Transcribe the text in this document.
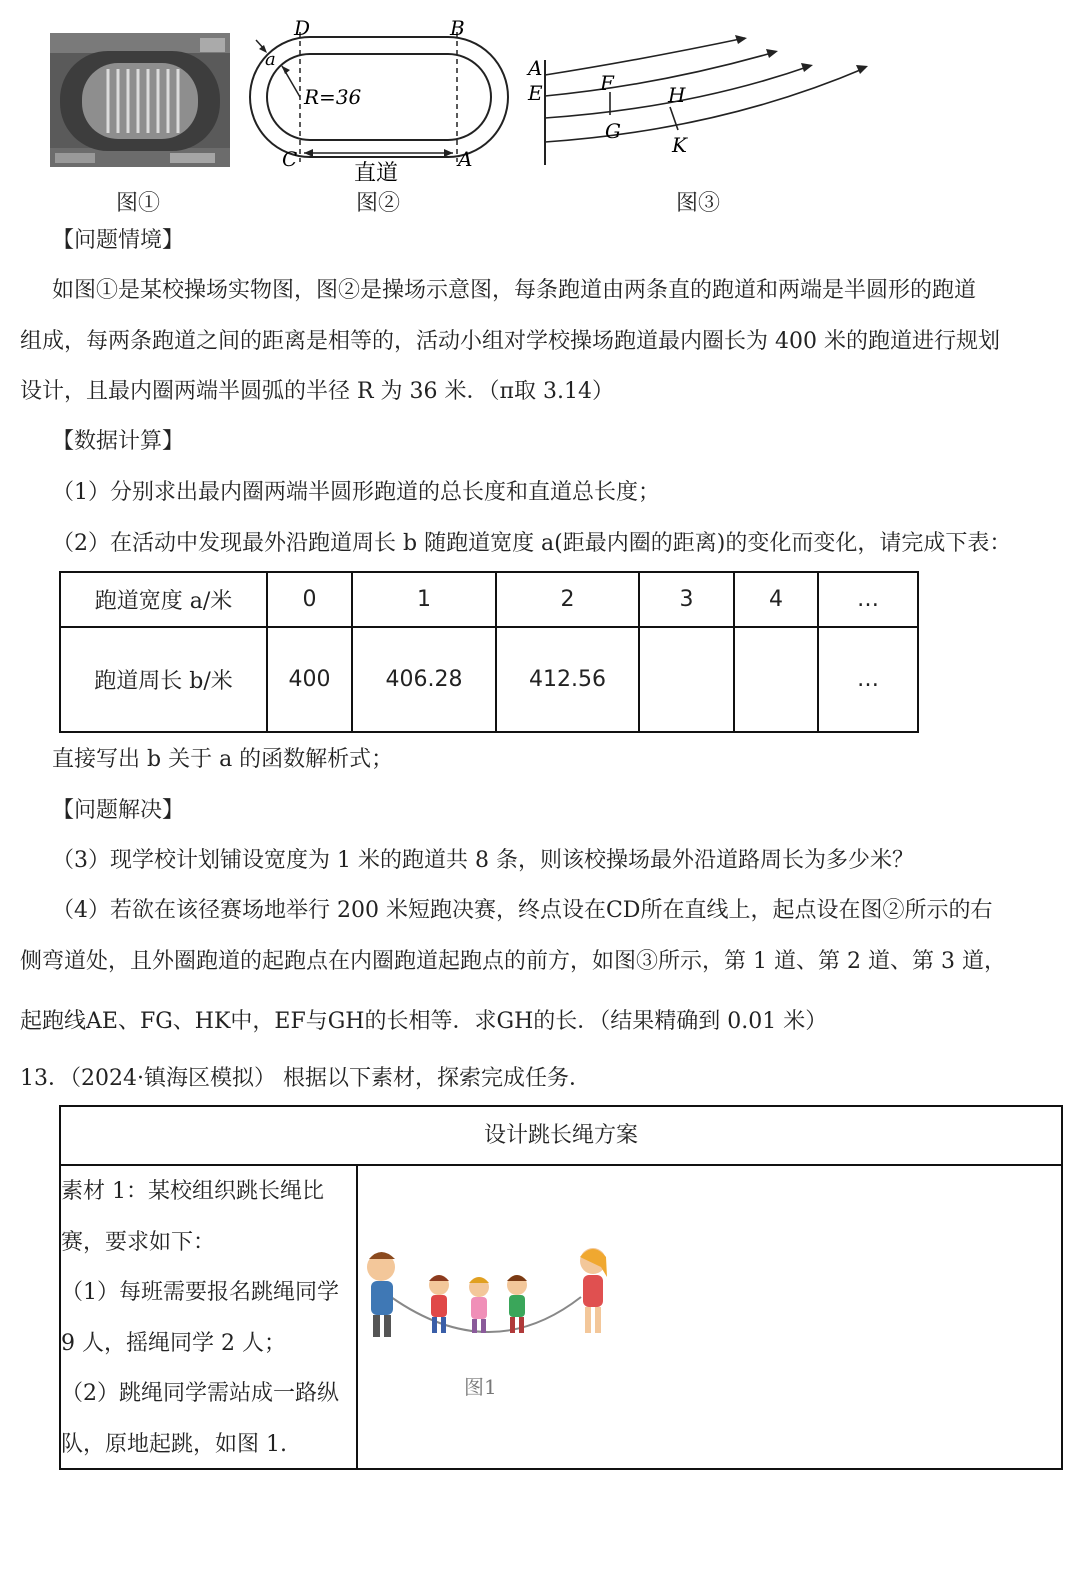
D	B
C	A
a
R=36
直道
A
E	F	H
G
K
图①	图②	图③
【问题情境】
如图①是某校操场实物图，图②是操场示意图，每条跑道由两条直的跑道和两端是半圆形的跑道
组成，每两条跑道之间的距离是相等的，活动小组对学校操场跑道最内圈长为 400 米的跑道进行规划
设计，且最内圈两端半圆弧的半径 R 为 36 米．（π取 3.14）
【数据计算】
（1）分别求出最内圈两端半圆形跑道的总长度和直道总长度；
（2）在活动中发现最外沿跑道周长 b 随跑道宽度 a(距最内圈的距离)的变化而变化，请完成下表：
跑道宽度 a/米	0	1	2	3	4	…
跑道周长 b/米	400	406.28	412.56			…
直接写出 b 关于 a 的函数解析式；
【问题解决】
（3）现学校计划铺设宽度为 1 米的跑道共 8 条，则该校操场最外沿道路周长为多少米？
（4）若欲在该径赛场地举行 200 米短跑决赛，终点设在CD所在直线上，起点设在图②所示的右
侧弯道处，且外圈跑道的起跑点在内圈跑道起跑点的前方，如图③所示，第 1 道、第 2 道、第 3 道，
起跑线AE、FG、HK中，EF与GH的长相等．求GH的长．（结果精确到 0.01 米）
13．（2024·镇海区模拟） 根据以下素材，探索完成任务．
设计跳长绳方案
素材 1：某校组织跳长绳比
赛，要求如下：
（1）每班需要报名跳绳同学
9 人，摇绳同学 2 人；
（2）跳绳同学需站成一路纵
队，原地起跳，如图 1.
图1
